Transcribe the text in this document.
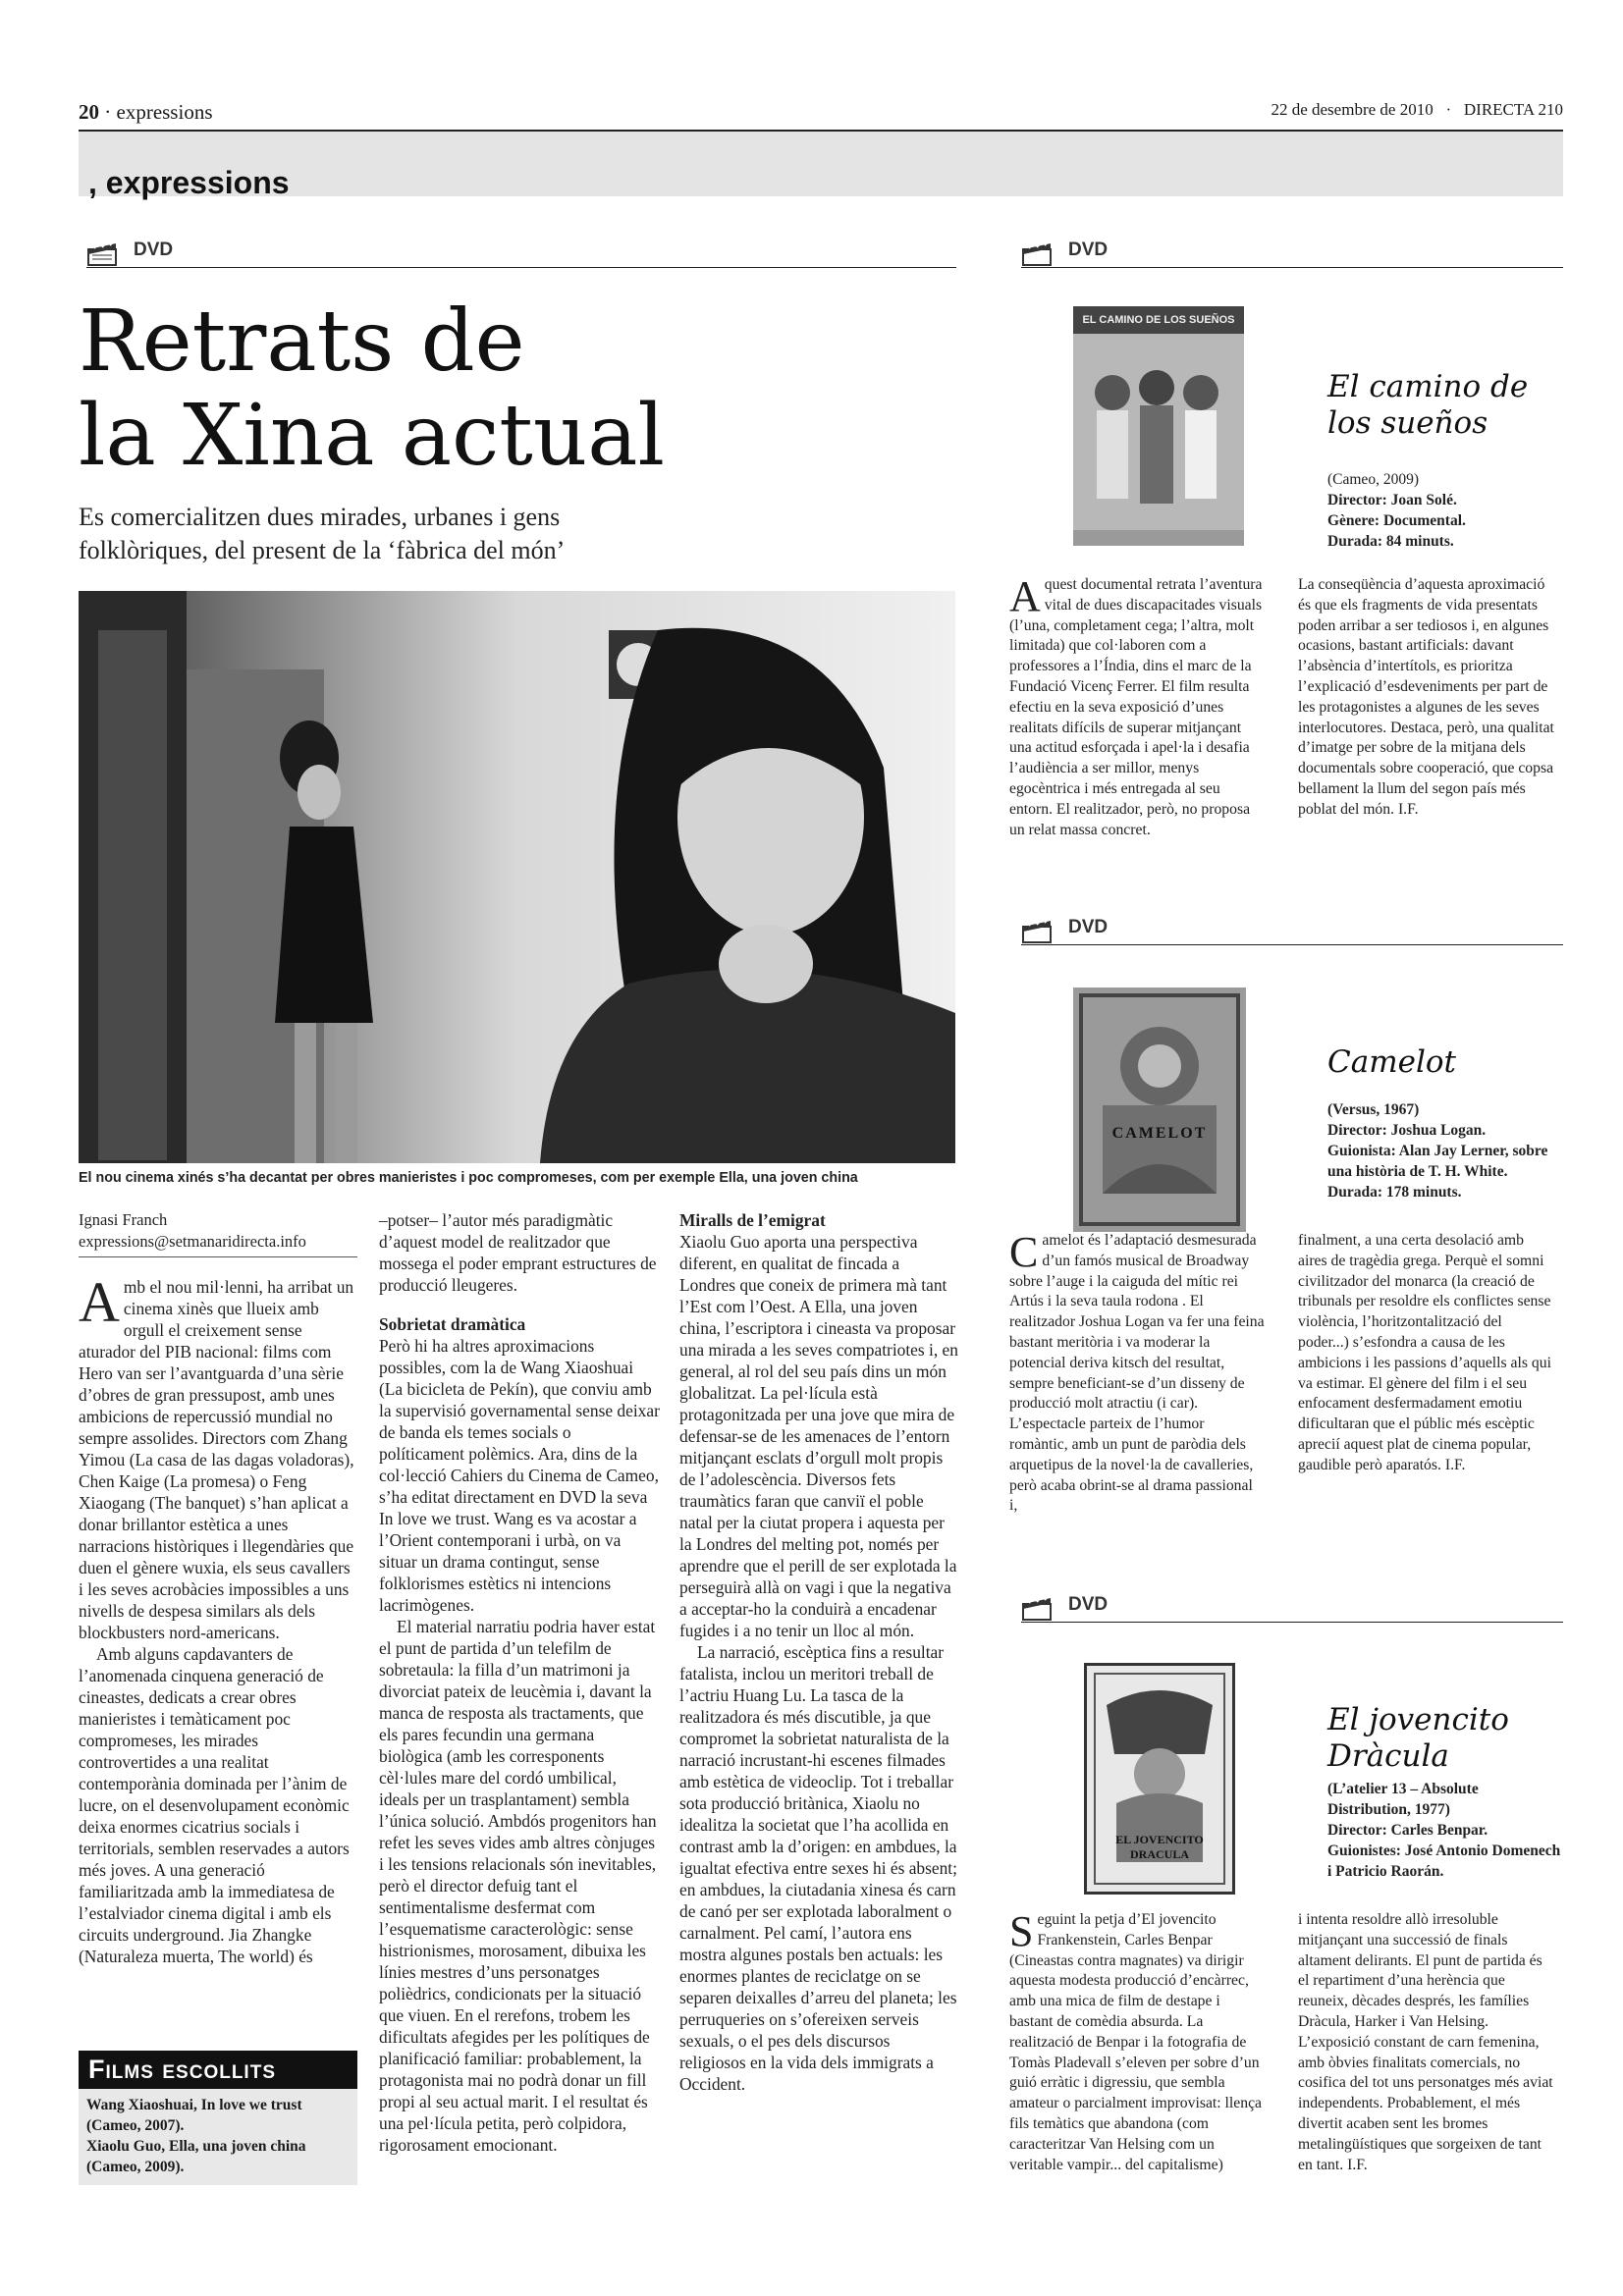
20 · expressions	22 de desembre de 2010 · DIRECTA 210
, expressions
DVD
Retrats de
la Xina actual
Es comercialitzen dues mirades, urbanes i gens folklòriques, del present de la ‘fàbrica del món’
El nou cinema xinés s’ha decantat per obres manieristes i poc compromeses, com per exemple Ella, una joven china
Ignasi Franch
expressions@setmanaridirecta.info

Amb el nou mil·lenni, ha arribat un cinema xinès que llueix amb orgull el creixement sense aturador del PIB nacional: films com Hero van ser l’avantguarda d’una sèrie d’obres de gran pressupost, amb unes ambicions de repercussió mundial no sempre assolides. Directors com Zhang Yimou (La casa de las dagas voladoras), Chen Kaige (La promesa) o Feng Xiaogang (The banquet) s’han aplicat a donar brillantor estètica a unes narracions històriques i llegendàries que duen el gènere wuxia, els seus cavallers i les seves acrobàcies impossibles a uns nivells de despesa similars als dels blockbusters nord-americans.

Amb alguns capdavanters de l’anomenada cinquena generació de cineastes, dedicats a crear obres manieristes i temàticament poc compromeses, les mirades controvertides a una realitat contemporània dominada per l’ànim de lucre, on el desenvolupament econòmic deixa enormes cicatrius socials i territorials, semblen reservades a autors més joves. A una generació familiaritzada amb la immediatesa de l’estalviador cinema digital i amb els circuits underground. Jia Zhangke (Naturaleza muerta, The world) és

Films escollits
Wang Xiaoshuai, In love we trust
(Cameo, 2007).
Xiaolu Guo, Ella, una joven china
(Cameo, 2009).

–potser– l’autor més paradigmàtic d’aquest model de realitzador que mossega el poder emprant estructures de producció lleugeres.

Sobrietat dramàtica

Però hi ha altres aproximacions possibles, com la de Wang Xiaoshuai (La bicicleta de Pekín), que conviu amb la supervisió governamental sense deixar de banda els temes socials o políticament polèmics. Ara, dins de la col·lecció Cahiers du Cinema de Cameo, s’ha editat directament en DVD la seva In love we trust. Wang es va acostar a l’Orient contemporani i urbà, on va situar un drama contingut, sense folklorismes estètics ni intencions lacrimògenes.

El material narratiu podria haver estat el punt de partida d’un telefilm de sobretaula: la filla d’un matrimoni ja divorciat pateix de leucèmia i, davant la manca de resposta als tractaments, que els pares fecundin una germana biològica (amb les corresponents cèl·lules mare del cordó umbilical, ideals per un trasplantament) sembla l’única solució. Ambdós progenitors han refet les seves vides amb altres cònjuges i les tensions relacionals són inevitables, però el director defuig tant el sentimentalisme desfermat com l’esquematisme caracterològic: sense histrionismes, morosament, dibuixa les línies mestres d’uns personatges polièdrics, condicionats per la situació que viuen. En el rerefons, trobem les dificultats afegides per les polítiques de planificació familiar: probablement, la protagonista mai no podrà donar un fill propi al seu actual marit. I el resultat és una pel·lícula petita, però colpidora, rigorosament emocionant.

Miralls de l’emigrat

Xiaolu Guo aporta una perspectiva diferent, en qualitat de fincada a Londres que coneix de primera mà tant l’Est com l’Oest. A Ella, una joven china, l’escriptora i cineasta va proposar una mirada a les seves compatriotes i, en general, al rol del seu país dins un món globalitzat. La pel·lícula està protagonitzada per una jove que mira de defensar-se de les amenaces de l’entorn mitjançant esclats d’orgull molt propis de l’adolescència. Diversos fets traumàtics faran que canviï el poble natal per la ciutat propera i aquesta per la Londres del melting pot, només per aprendre que el perill de ser explotada la perseguirà allà on vagi i que la negativa a acceptar-ho la conduirà a encadenar fugides i a no tenir un lloc al món.

La narració, escèptica fins a resultar fatalista, inclou un meritori treball de l’actriu Huang Lu. La tasca de la realitzadora és més discutible, ja que compromet la sobrietat naturalista de la narració incrustant-hi escenes filmades amb estètica de videoclip. Tot i treballar sota producció britànica, Xiaolu no idealitza la societat que l’ha acollida en contrast amb la d’origen: en ambdues, la igualtat efectiva entre sexes hi és absent; en ambdues, la ciutadania xinesa és carn de canó per ser explotada laboralment o carnalment. Pel camí, l’autora ens mostra algunes postals ben actuals: les enormes plantes de reciclatge on se separen deixalles d’arreu del planeta; les perruqueries on s’ofereixen serveis sexuals, o el pes dels discursos religiosos en la vida dels immigrats a Occident.

DVD
EL CAMINO DE LOS SUEÑOS
El camino de
los sueños
(Cameo, 2009)
Director: Joan Solé.
Gènere: Documental.
Durada: 84 minuts.

Aquest documental retrata l’aventura vital de dues discapacitades visuals (l’una, completament cega; l’altra, molt limitada) que col·laboren com a professores a l’Índia, dins el marc de la Fundació Vicenç Ferrer. El film resulta efectiu en la seva exposició d’unes realitats difícils de superar mitjançant una actitud esforçada i apel·la i desafia l’audiència a ser millor, menys egocèntrica i més entregada al seu entorn. El realitzador, però, no proposa un relat massa concret.

La conseqüència d’aquesta aproximació és que els fragments de vida presentats poden arribar a ser tediosos i, en algunes ocasions, bastant artificials: davant l’absència d’intertítols, es prioritza l’explicació d’esdeveniments per part de les protagonistes a algunes de les seves interlocutores. Destaca, però, una qualitat d’imatge per sobre de la mitjana dels documentals sobre cooperació, que copsa bellament la llum del segon país més poblat del món. I.F.

DVD
CAMELOT
Camelot
(Versus, 1967)
Director: Joshua Logan.
Guionista: Alan Jay Lerner, sobre una història de T. H. White.
Durada: 178 minuts.

Camelot és l’adaptació desmesurada d’un famós musical de Broadway sobre l’auge i la caiguda del mític rei Artús i la seva taula rodona . El realitzador Joshua Logan va fer una feina bastant meritòria i va moderar la potencial deriva kitsch del resultat, sempre beneficiant-se d’un disseny de producció molt atractiu (i car). L’espectacle parteix de l’humor romàntic, amb un punt de paròdia dels arquetipus de la novel·la de cavalleries, però acaba obrint-se al drama passional i,

finalment, a una certa desolació amb aires de tragèdia grega. Perquè el somni civilitzador del monarca (la creació de tribunals per resoldre els conflictes sense violència, l’horitzontalització del poder...) s’esfondra a causa de les ambicions i les passions d’aquells als qui va estimar. El gènere del film i el seu enfocament desfermadament emotiu dificultaran que el públic més escèptic aprecií aquest plat de cinema popular, gaudible però aparatós. I.F.

DVD
EL JOVENCITO DRACULA
El jovencito
Dràcula
(L’atelier 13 – Absolute Distribution, 1977)
Director: Carles Benpar.
Guionistes: José Antonio Domenech i Patricio Raorán.

Seguint la petja d’El jovencito Frankenstein, Carles Benpar (Cineastas contra magnates) va dirigir aquesta modesta producció d’encàrrec, amb una mica de film de destape i bastant de comèdia absurda. La realització de Benpar i la fotografia de Tomàs Pladevall s’eleven per sobre d’un guió erràtic i digressiu, que sembla amateur o parcialment improvisat: llença fils temàtics que abandona (com caracteritzar Van Helsing com un veritable vampir... del capitalisme)

i intenta resoldre allò irresoluble mitjançant una successió de finals altament delirants. El punt de partida és el repartiment d’una herència que reuneix, dècades després, les famílies Dràcula, Harker i Van Helsing. L’exposició constant de carn femenina, amb òbvies finalitats comercials, no cosifica del tot uns personatges més aviat independents. Probablement, el més divertit acaben sent les bromes metalingüístiques que sorgeixen de tant en tant. I.F.
